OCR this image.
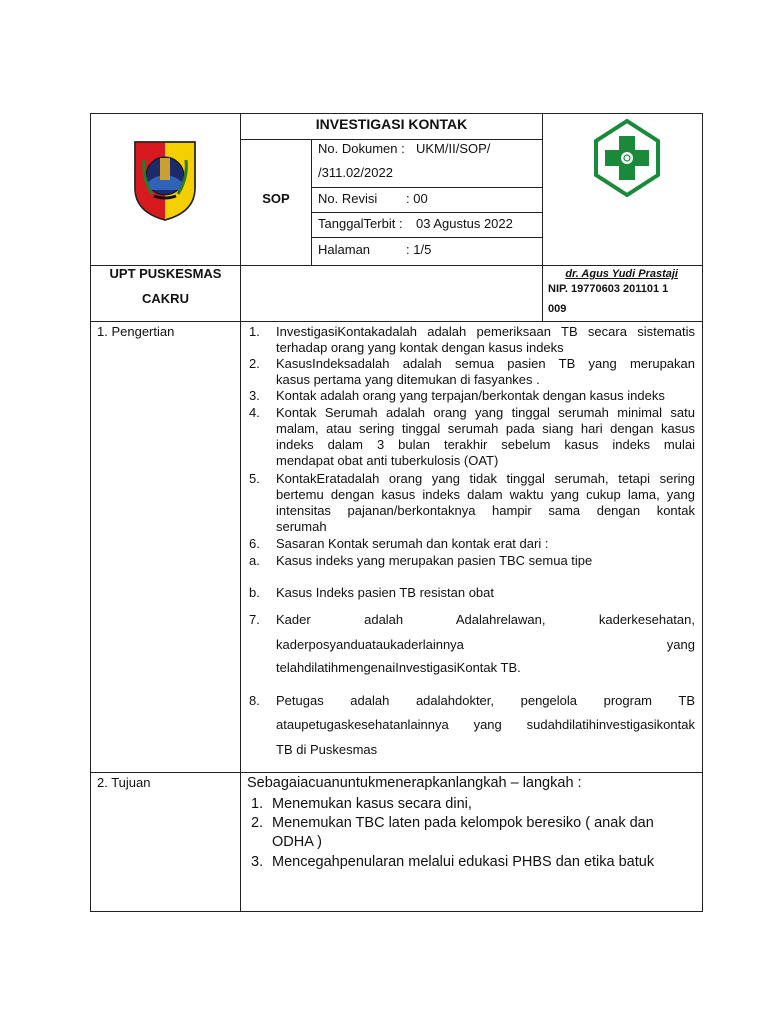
INVESTIGASI KONTAK
SOP
No. Dokumen : UKM/II/SOP/
/311.02/2022
No. Revisi : 00
TanggalTerbit : 03 Agustus 2022
Halaman	: 1/5
UPT PUSKESMAS
CAKRU
dr. Agus Yudi Prastaji
NIP. 19770603 201101 1
009
1. Pengertian	1. InvestigasiKontakadalah adalah pemeriksaan TB secara sistematis
terhadap orang yang kontak dengan kasus indeks
2. KasusIndeksadalah adalah semua pasien TB yang merupakan
kasus pertama yang ditemukan di fasyankes .
3. Kontak adalah orang yang terpajan/berkontak dengan kasus indeks
4. Kontak Serumah adalah orang yang tinggal serumah minimal satu
malam, atau sering tinggal serumah pada siang hari dengan kasus
indeks dalam 3 bulan terakhir sebelum kasus indeks mulai
mendapat obat anti tuberkulosis (OAT)
5. KontakEratadalah orang yang tidak tinggal serumah, tetapi sering
bertemu dengan kasus indeks dalam waktu yang cukup lama, yang
intensitas pajanan/berkontaknya hampir sama dengan kontak
serumah
6. Sasaran Kontak serumah dan kontak erat dari :
a. Kasus indeks yang merupakan pasien TBC semua tipe
b. Kasus Indeks pasien TB resistan obat
7. Kader adalah Adalahrelawan, kaderkesehatan,
kaderposyanduataukaderlainnya yang
telahdilatihmengenaiInvestigasiKontak TB.
8. Petugas adalah adalahdokter, pengelola program TB
ataupetugaskesehatanlainnya yang sudahdilatihinvestigasikontak
TB di Puskesmas
2. Tujuan	Sebagaiacuanuntukmenerapkanlangkah – langkah :
1. Menemukan kasus secara dini,
2. Menemukan TBC laten pada kelompok beresiko ( anak dan
ODHA )
3. Mencegahpenularan melalui edukasi PHBS dan etika batuk
